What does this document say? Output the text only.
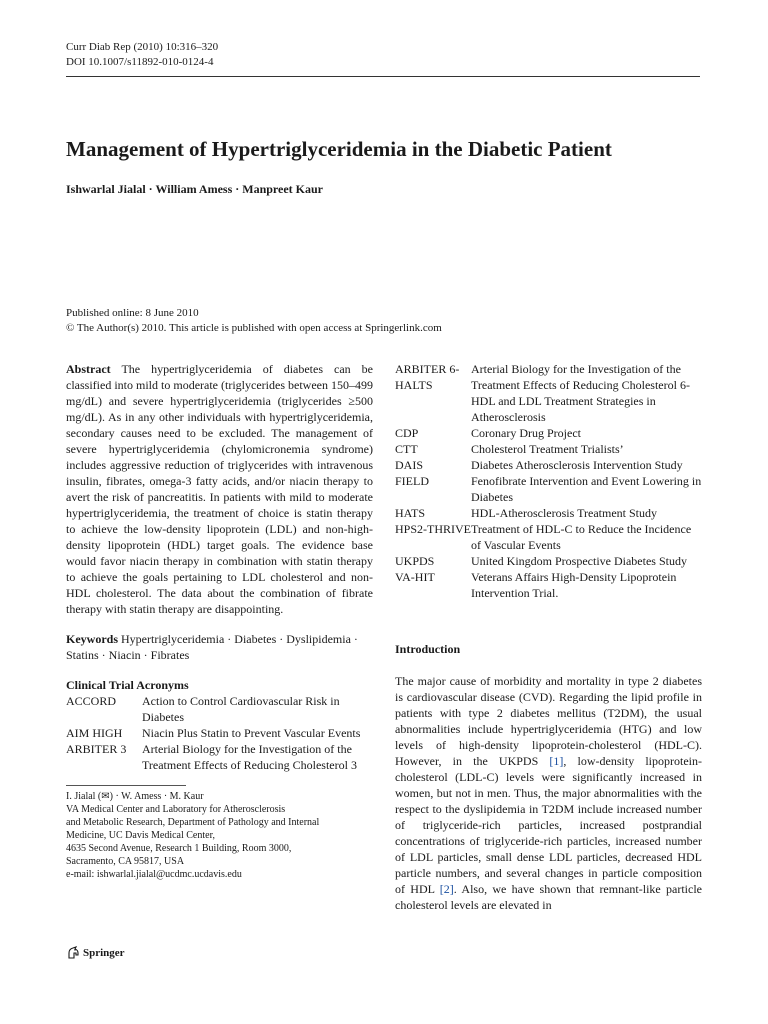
Curr Diab Rep (2010) 10:316–320
DOI 10.1007/s11892-010-0124-4
Management of Hypertriglyceridemia in the Diabetic Patient
Ishwarlal Jialal · William Amess · Manpreet Kaur
Published online: 8 June 2010
© The Author(s) 2010. This article is published with open access at Springerlink.com

Abstract The hypertriglyceridemia of diabetes can be classified into mild to moderate (triglycerides between 150–499 mg/dL) and severe hypertriglyceridemia (triglycerides ≥500 mg/dL). As in any other individuals with hypertriglyceridemia, secondary causes need to be excluded. The management of severe hypertriglyceridemia (chylomicronemia syndrome) includes aggressive reduction of triglycerides with intravenous insulin, fibrates, omega-3 fatty acids, and/or niacin therapy to avert the risk of pancreatitis. In patients with mild to moderate hypertriglyceridemia, the treatment of choice is statin therapy to achieve the low-density lipoprotein (LDL) and non-high-density lipoprotein (HDL) target goals. The evidence base would favor niacin therapy in combination with statin therapy to achieve the goals pertaining to LDL cholesterol and non-HDL cholesterol. The data about the combination of fibrate therapy with statin therapy are disappointing.

Keywords Hypertriglyceridemia · Diabetes · Dyslipidemia · Statins · Niacin · Fibrates

Clinical Trial Acronyms
ACCORD	Action to Control Cardiovascular Risk in Diabetes
AIM HIGH	Niacin Plus Statin to Prevent Vascular Events
ARBITER 3	Arterial Biology for the Investigation of the Treatment Effects of Reducing Cholesterol 3
I. Jialal (✉) · W. Amess · M. Kaur
VA Medical Center and Laboratory for Atherosclerosis
and Metabolic Research, Department of Pathology and Internal
Medicine, UC Davis Medical Center,
4635 Second Avenue, Research 1 Building, Room 3000,
Sacramento, CA 95817, USA
e-mail: ishwarlal.jialal@ucdmc.ucdavis.edu
ARBITER 6-HALTS	Arterial Biology for the Investigation of the Treatment Effects of Reducing Cholesterol 6-HDL and LDL Treatment Strategies in Atherosclerosis
CDP	Coronary Drug Project
CTT	Cholesterol Treatment Trialists’
DAIS	Diabetes Atherosclerosis Intervention Study
FIELD	Fenofibrate Intervention and Event Lowering in Diabetes
HATS	HDL-Atherosclerosis Treatment Study
HPS2-THRIVE	Treatment of HDL-C to Reduce the Incidence of Vascular Events
UKPDS	United Kingdom Prospective Diabetes Study
VA-HIT	Veterans Affairs High-Density Lipoprotein Intervention Trial.
Introduction

The major cause of morbidity and mortality in type 2 diabetes is cardiovascular disease (CVD). Regarding the lipid profile in patients with type 2 diabetes mellitus (T2DM), the usual abnormalities include hypertriglyceridemia (HTG) and low levels of high-density lipoprotein-cholesterol (HDL-C). However, in the UKPDS [1], low-density lipoprotein-cholesterol (LDL-C) levels were significantly increased in women, but not in men. Thus, the major abnormalities with the respect to the dyslipidemia in T2DM include increased number of triglyceride-rich particles, increased postprandial concentrations of triglyceride-rich particles, increased number of LDL particles, small dense LDL particles, decreased HDL particle numbers, and several changes in particle composition of HDL [2]. Also, we have shown that remnant-like particle cholesterol levels are elevated in

Springer
